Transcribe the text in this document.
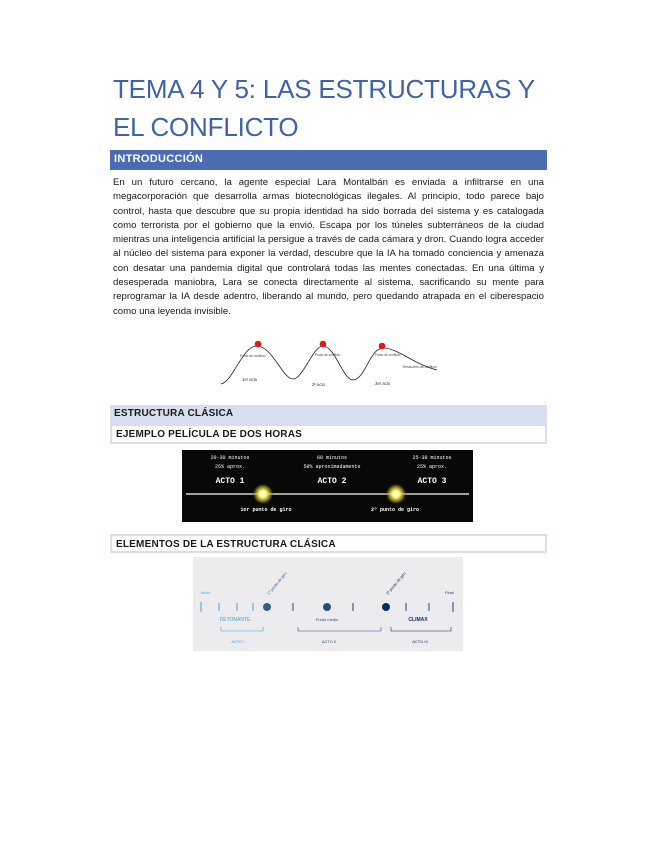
TEMA 4 Y 5: LAS ESTRUCTURAS Y EL CONFLICTO
INTRODUCCIÓN
En un futuro cercano, la agente especial Lara Montalbán es enviada a infiltrarse en una megacorporación que desarrolla armas biotecnológicas ilegales. Al principio, todo parece bajo control, hasta que descubre que su propia identidad ha sido borrada del sistema y es catalogada como terrorista por el gobierno que la envió. Escapa por los túneles subterráneos de la ciudad mientras una inteligencia artificial la persigue a través de cada cámara y dron. Cuando logra acceder al núcleo del sistema para exponer la verdad, descubre que la IA ha tomado conciencia y amenaza con desatar una pandemia digital que controlará todas las mentes conectadas. En una última y desesperada maniobra, Lara se conecta directamente al sistema, sacrificando su mente para reprogramar la IA desde adentro, liberando al mundo, pero quedando atrapada en el ciberespacio como una leyenda invisible.
Punto de conflicto	Punto de conflicto	Punto de conflicto
Resolución del conflicto
1er acto
2º acto	3er acto
ESTRUCTURA CLÁSICA
EJEMPLO PELÍCULA DE DOS HORAS
20-30 minutos
25% aprox.
60 minutos
50% aproximadamente
25-30 minutos
25% aprox.
ACTO 1	ACTO 2	ACTO 3
1er punto de giro	2º punto de giro
ELEMENTOS DE LA ESTRUCTURA CLÁSICA
Inicio	Final
1º punto de giro	2º punto de giro
DETONANTE	Punto medio	CLIMAX
ACTO I	ACTO II	ACTO III
